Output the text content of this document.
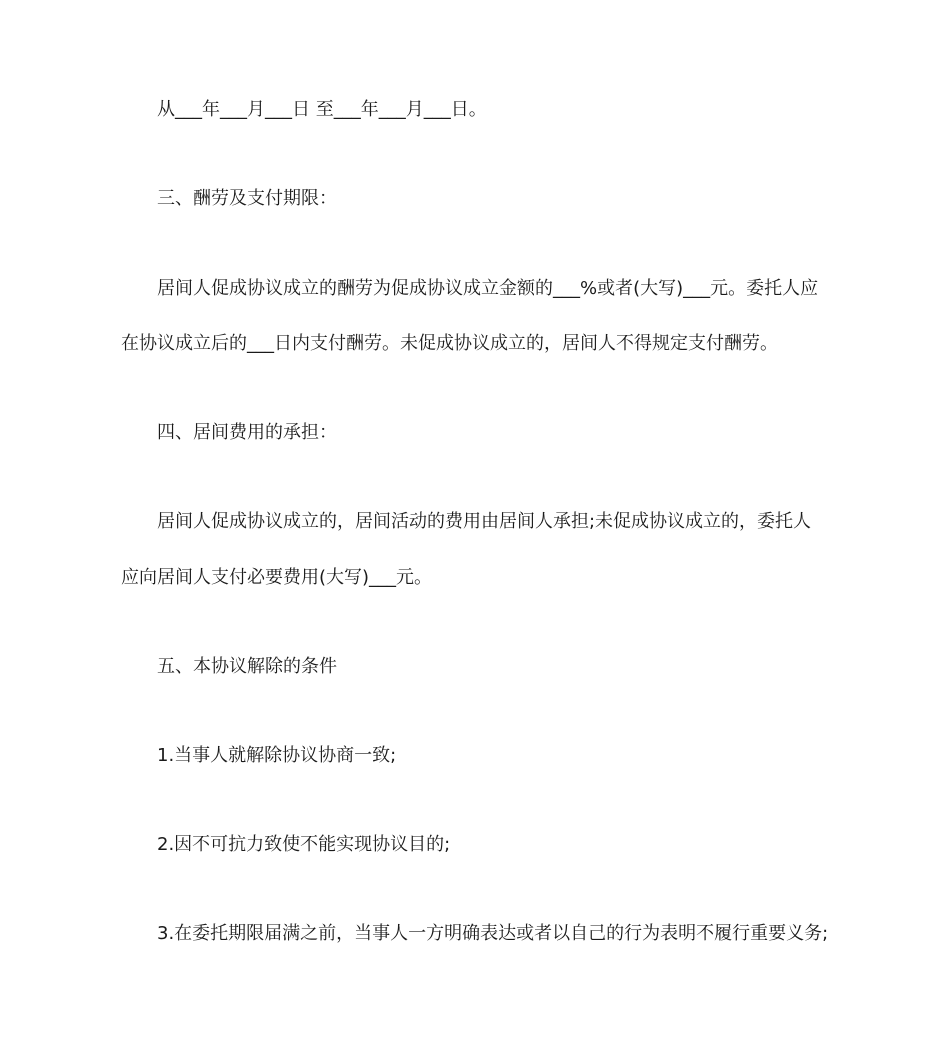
从___年___月___日 至___年___月___日。
三、酬劳及支付期限：
居间人促成协议成立的酬劳为促成协议成立金额的___%或者(大写)___元。委托人应
在协议成立后的___日内支付酬劳。未促成协议成立的，居间人不得规定支付酬劳。
四、居间费用的承担：
居间人促成协议成立的，居间活动的费用由居间人承担;未促成协议成立的，委托人
应向居间人支付必要费用(大写)___元。
五、本协议解除的条件
1.当事人就解除协议协商一致;
2.因不可抗力致使不能实现协议目的;
3.在委托期限届满之前，当事人一方明确表达或者以自己的行为表明不履行重要义务;
